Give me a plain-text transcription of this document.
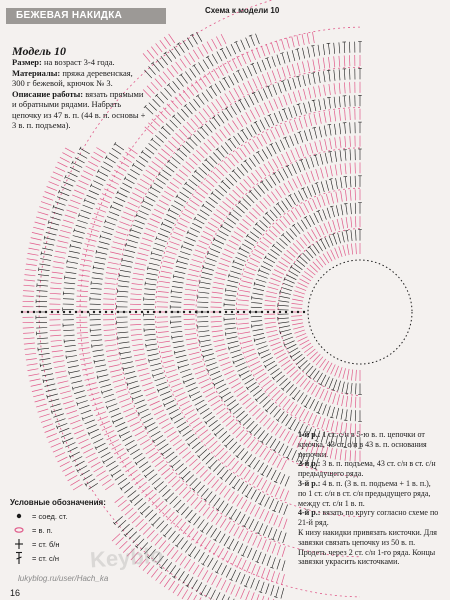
БЕЖЕВАЯ НАКИДКА	Схема к модели 10
Модель 10
Размер: на возраст 3-4 года.
Материалы: пряжа деревенская, 300 г бежевой, крючок № 3.
Описание работы: вязать прямыми и обратными рядами. Набрать цепочку из 47 в. п. (44 в. п. основы + 3 в. п. подъема).

1-й р.: 1 ст. с/н в 5-ю в. п. цепочки от крючка, 43 ст. с/н в 43 в. п. основания цепочки.

2-й р.: 3 в. п. подъема, 43 ст. с/н в ст. с/н предыдущего ряда.

3-й р.: 4 в. п. (3 в. п. подъема + 1 в. п.), по 1 ст. с/н в ст. с/н предыдущего ряда, между ст. с/н 1 в. п.

4-й р.: вязать по кругу согласно схеме по 21-й ряд.

К низу накидки привязать кисточки. Для завязки связать цепочку из 50 в. п. Продеть через 2 ст. с/н 1-го ряда. Концы завязки украсить кисточками.

Условные обозначения:
= соед. ст.
= в. п.
= ст. б/н
= ст. с/н Keyblo
lukyblog.ru/user/Hach_ka
16
